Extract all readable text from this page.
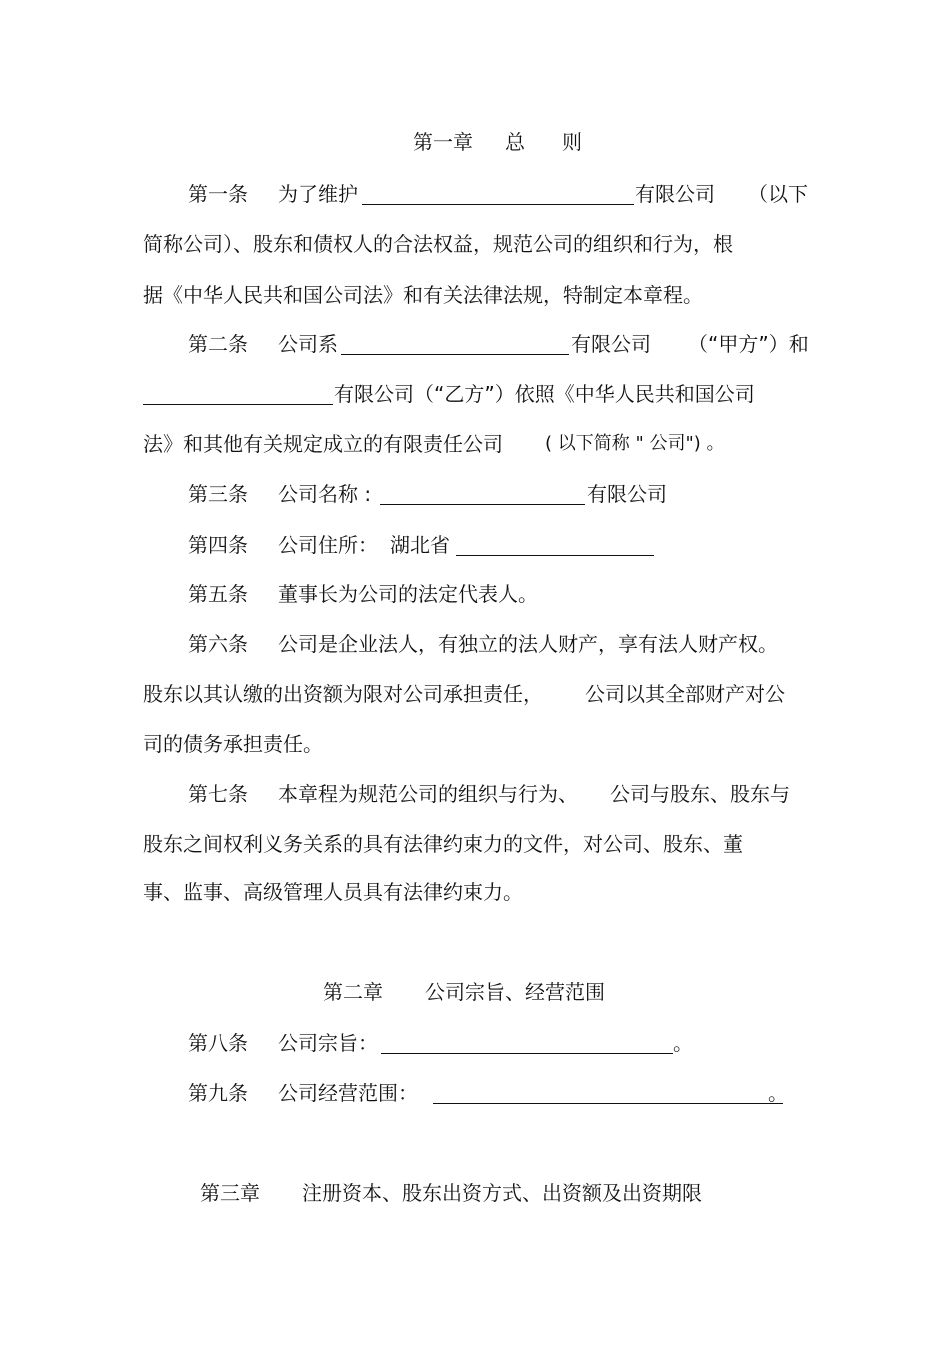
第一章 总 则
第一条 为了维护	有限公司 （以下
简称公司）、股东和债权人的合法权益，规范公司的组织和行为，根
据《中华人民共和国公司法》和有关法律法规，特制定本章程。
第二条 公司系	有限公司 （“甲方”）和
有限公司（“乙方”）依照《中华人民共和国公司
法》和其他有关规定成立的有限责任公司 ( 以下简称 " 公司") 。
第三条 公司名称 :	有限公司
第四条 公司住所： 湖北省
第五条 董事长为公司的法定代表人。
第六条 公司是企业法人，有独立的法人财产，享有法人财产权。
股东以其认缴的出资额为限对公司承担责任， 公司以其全部财产对公
司的债务承担责任。
第七条 本章程为规范公司的组织与行为、 公司与股东、股东与
股东之间权利义务关系的具有法律约束力的文件，对公司、股东、董
事、监事、高级管理人员具有法律约束力。
第二章 公司宗旨、经营范围
第八条 公司宗旨：	。
第九条 公司经营范围：	。
第三章 注册资本、股东出资方式、出资额及出资期限
